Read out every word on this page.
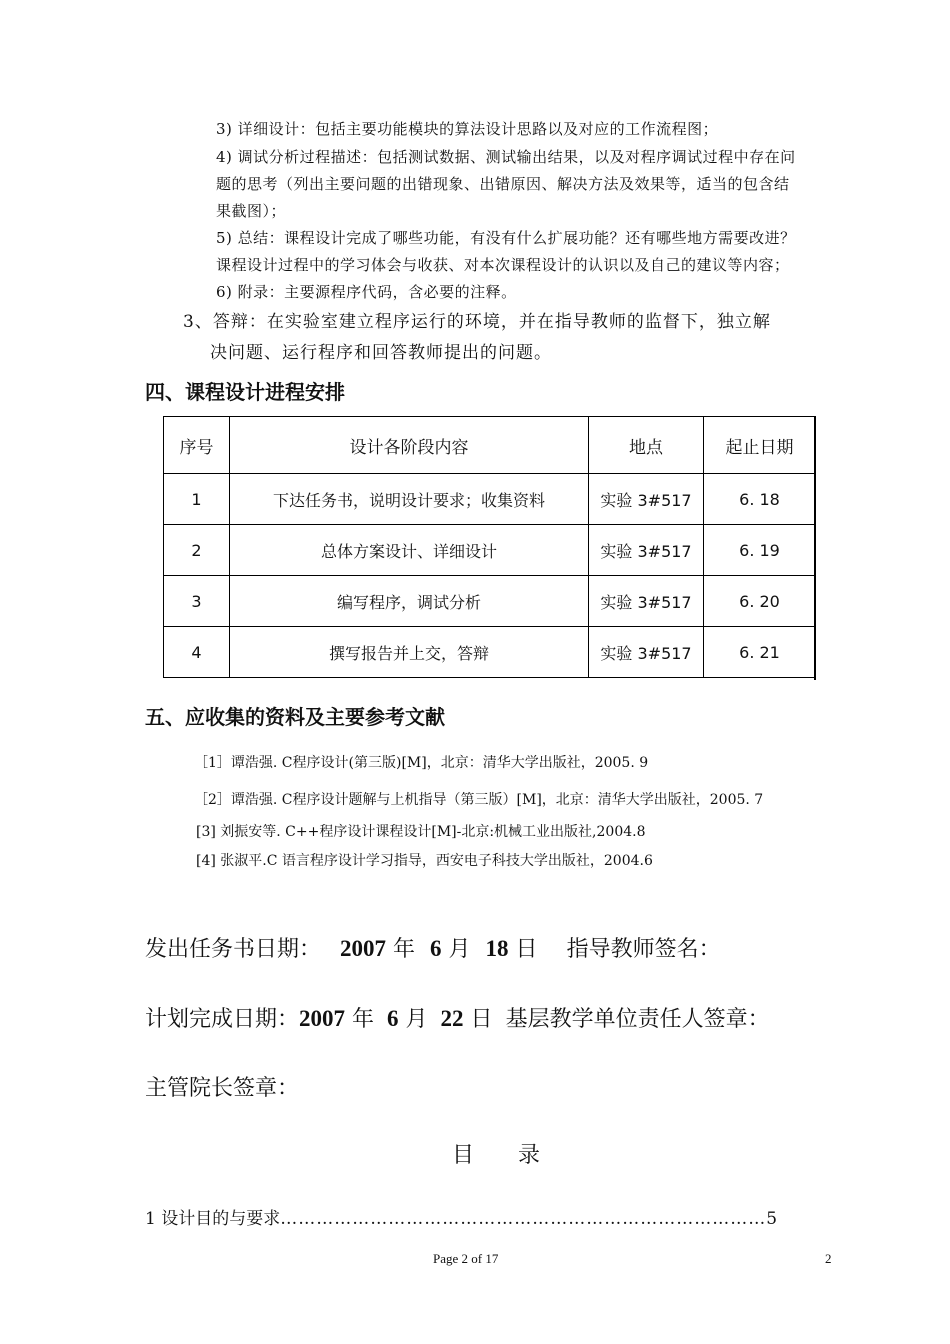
3) 详细设计：包括主要功能模块的算法设计思路以及对应的工作流程图；
4) 调试分析过程描述：包括测试数据、测试输出结果，以及对程序调试过程中存在问
题的思考（列出主要问题的出错现象、出错原因、解决方法及效果等，适当的包含结
果截图）；
5) 总结：课程设计完成了哪些功能，有没有什么扩展功能？还有哪些地方需要改进？
课程设计过程中的学习体会与收获、对本次课程设计的认识以及自己的建议等内容；
6) 附录：主要源程序代码，含必要的注释。
3、答辩：在实验室建立程序运行的环境，并在指导教师的监督下，独立解
决问题、运行程序和回答教师提出的问题。
四、课程设计进程安排
序号	设计各阶段内容	地点	起止日期
1	下达任务书，说明设计要求；收集资料	实验 3#517	6. 18
2	总体方案设计、详细设计	实验 3#517	6. 19
3	编写程序，调试分析	实验 3#517	6. 20
4	撰写报告并上交，答辩	实验 3#517	6. 21
五、应收集的资料及主要参考文献
［1］谭浩强. C程序设计(第三版)[M]，北京：清华大学出版社，2005. 9
［2］谭浩强. C程序设计题解与上机指导（第三版）[M]，北京：清华大学出版社，2005. 7
[3] 刘振安等. C++程序设计课程设计[M]-北京:机械工业出版社,2004.8
[4] 张淑平.C 语言程序设计学习指导，西安电子科技大学出版社，2004.6
发出任务书日期： 2007 年 6 月 18 日 指导教师签名：
计划完成日期：2007 年 6 月 22 日 基层教学单位责任人签章：
主管院长签章：
目　　录
1 设计目的与要求………………………………………………………………………5
Page 2 of 17	2
